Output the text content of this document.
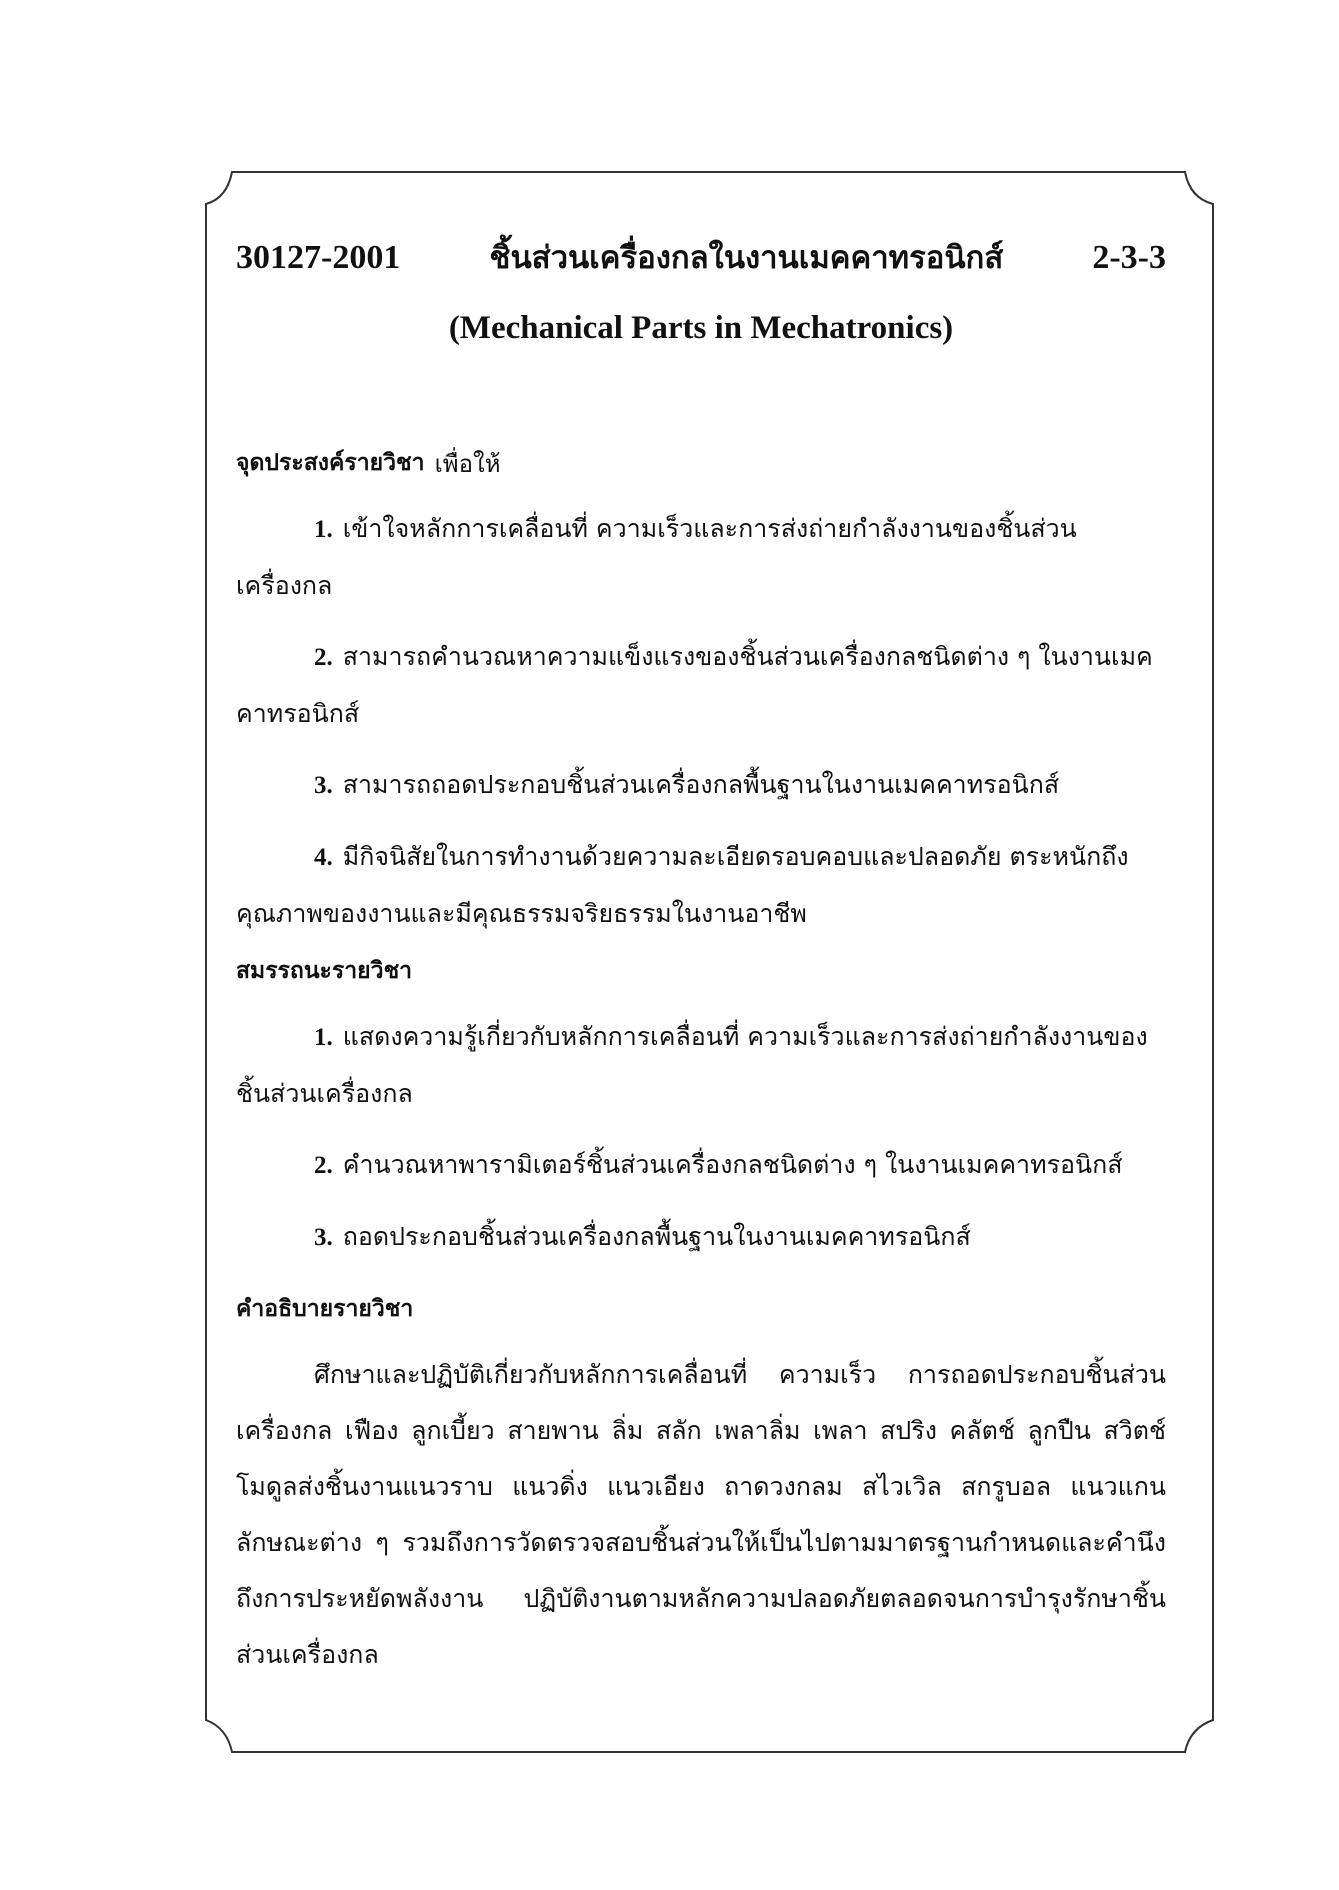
30127-2001	ชิ้นส่วนเครื่องกลในงานเมคคาทรอนิกส์	2-3-3
(Mechanical Parts in Mechatronics)
จุดประสงค์รายวิชา เพื่อให้
1. เข้าใจหลักการเคลื่อนที่ ความเร็วและการส่งถ่ายกำลังงานของชิ้นส่วนเครื่องกล
2. สามารถคำนวณหาความแข็งแรงของชิ้นส่วนเครื่องกลชนิดต่าง ๆ ในงานเมคคาทรอนิกส์
3. สามารถถอดประกอบชิ้นส่วนเครื่องกลพื้นฐานในงานเมคคาทรอนิกส์
4. มีกิจนิสัยในการทำงานด้วยความละเอียดรอบคอบและปลอดภัย ตระหนักถึงคุณภาพของงานและมีคุณธรรมจริยธรรมในงานอาชีพ
สมรรถนะรายวิชา
1. แสดงความรู้เกี่ยวกับหลักการเคลื่อนที่ ความเร็วและการส่งถ่ายกำลังงานของชิ้นส่วนเครื่องกล
2. คำนวณหาพารามิเตอร์ชิ้นส่วนเครื่องกลชนิดต่าง ๆ ในงานเมคคาทรอนิกส์
3. ถอดประกอบชิ้นส่วนเครื่องกลพื้นฐานในงานเมคคาทรอนิกส์
คำอธิบายรายวิชา
ศึกษาและปฏิบัติเกี่ยวกับหลักการเคลื่อนที่ ความเร็ว การถอดประกอบชิ้นส่วนเครื่องกล เฟือง ลูกเบี้ยว สายพาน ลิ่ม สลัก เพลาลิ่ม เพลา สปริง คลัตช์ ลูกปืน สวิตช์ โมดูลส่งชิ้นงานแนวราบ แนวดิ่ง แนวเอียง ถาดวงกลม สไวเวิล สกรูบอล แนวแกนลักษณะต่าง ๆ รวมถึงการวัดตรวจสอบชิ้นส่วนให้เป็นไปตามมาตรฐานกำหนดและคำนึงถึงการประหยัดพลังงาน ปฏิบัติงานตามหลักความปลอดภัยตลอดจนการบำรุงรักษาชิ้นส่วนเครื่องกล
